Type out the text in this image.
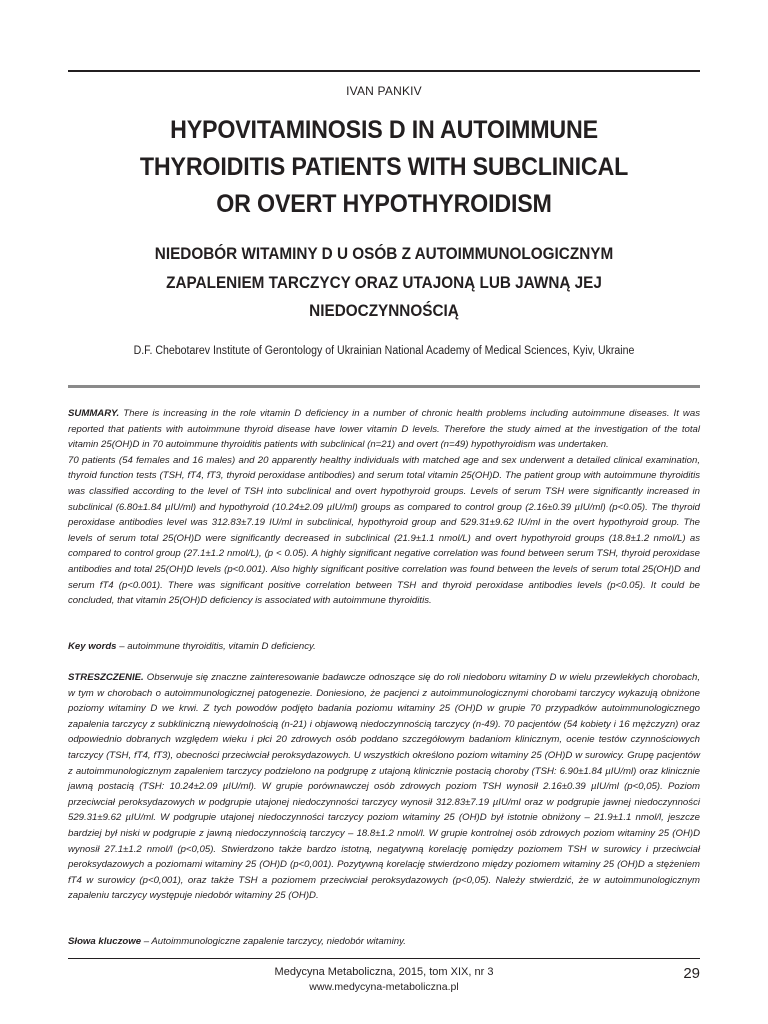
IVAN PANKIV
HYPOVITAMINOSIS D IN AUTOIMMUNE
THYROIDITIS PATIENTS WITH SUBCLINICAL
OR OVERT HYPOTHYROIDISM
NIEDOBÓR WITAMINY D U OSÓB Z AUTOIMMUNOLOGICZNYM
ZAPALENIEM TARCZYCY ORAZ UTAJONĄ LUB JAWNĄ JEJ
NIEDOCZYNNOŚCIĄ
D.F. Chebotarev Institute of Gerontology of Ukrainian National Academy of Medical Sciences, Kyiv, Ukraine

SUMMARY. There is increasing in the role vitamin D deficiency in a number of chronic health problems including autoimmune diseases. It was reported that patients with autoimmune thyroid disease have lower vitamin D levels. Therefore the study aimed at the investigation of the total vitamin 25(OH)D in 70 autoimmune thyroiditis patients with subclinical (n=21) and overt (n=49) hypothyroidism was undertaken.

70 patients (54 females and 16 males) and 20 apparently healthy individuals with matched age and sex underwent a detailed clinical examination, thyroid function tests (TSH, fT4, fT3, thyroid peroxidase antibodies) and serum total vitamin 25(OH)D. The patient group with autoimmune thyroiditis was classified according to the level of TSH into subclinical and overt hypothyroid groups. Levels of serum TSH were significantly increased in subclinical (6.80±1.84 µIU/ml) and hypothyroid (10.24±2.09 µIU/ml) groups as compared to control group (2.16±0.39 µIU/ml) (p<0.05). The thyroid peroxidase antibodies level was 312.83±7.19 IU/ml in subclinical, hypothyroid group and 529.31±9.62 IU/ml in the overt hypothyroid group. The levels of serum total 25(OH)D were significantly decreased in subclinical (21.9±1.1 nmol/L) and overt hypothyroid groups (18.8±1.2 nmol/L) as compared to control group (27.1±1.2 nmol/L), (p < 0.05). A highly significant negative correlation was found between serum TSH, thyroid peroxidase antibodies and total 25(OH)D levels (p<0.001). Also highly significant positive correlation was found between the levels of serum total 25(OH)D and serum fT4 (p<0.001). There was significant positive correlation between TSH and thyroid peroxidase antibodies levels (p<0.05). It could be concluded, that vitamin 25(OH)D deficiency is associated with autoimmune thyroiditis.

Key words – autoimmune thyroiditis, vitamin D deficiency.

STRESZCZENIE. Obserwuje się znaczne zainteresowanie badawcze odnoszące się do roli niedoboru witaminy D w wielu przewlekłych chorobach, w tym w chorobach o autoimmunologicznej patogenezie. Doniesiono, że pacjenci z autoimmunologicznymi chorobami tarczycy wykazują obniżone poziomy witaminy D we krwi. Z tych powodów podjęto badania poziomu witaminy 25 (OH)D w grupie 70 przypadków autoimmunologicznego zapalenia tarczycy z subkliniczną niewydolnością (n-21) i objawową niedoczynnością tarczycy (n-49). 70 pacjentów (54 kobiety i 16 mężczyzn) oraz odpowiednio dobranych względem wieku i płci 20 zdrowych osób poddano szczegółowym badaniom klinicznym, ocenie testów czynnościowych tarczycy (TSH, fT4, fT3), obecności przeciwciał peroksydazowych. U wszystkich określono poziom witaminy 25 (OH)D w surowicy. Grupę pacjentów z autoimmunologicznym zapaleniem tarczycy podzielono na podgrupę z utajoną klinicznie postacią choroby (TSH: 6.90±1.84 µIU/ml) oraz klinicznie jawną postacią (TSH: 10.24±2.09 µIU/ml). W grupie porównawczej osób zdrowych poziom TSH wynosił 2.16±0.39 µIU/ml (p<0,05). Poziom przeciwciał peroksydazowych w podgrupie utajonej niedoczynności tarczycy wynosił 312.83±7.19 µIU/ml oraz w podgrupie jawnej niedoczynności 529.31±9.62 µIU/ml. W podgrupie utajonej niedoczynności tarczycy poziom witaminy 25 (OH)D był istotnie obniżony – 21.9±1.1 nmol/l, jeszcze bardziej był niski w podgrupie z jawną niedoczynnością tarczycy – 18.8±1.2 nmol/l. W grupie kontrolnej osób zdrowych poziom witaminy 25 (OH)D wynosił 27.1±1.2 nmol/l (p<0,05). Stwierdzono także bardzo istotną, negatywną korelację pomiędzy poziomem TSH w surowicy i przeciwciał peroksydazowych a poziomami witaminy 25 (OH)D (p<0,001). Pozytywną korelację stwierdzono między poziomem witaminy 25 (OH)D a stężeniem fT4 w surowicy (p<0,001), oraz także TSH a poziomem przeciwciał peroksydazowych (p<0,05). Należy stwierdzić, że w autoimmunologicznym zapaleniu tarczycy występuje niedobór witaminy 25 (OH)D.

Słowa kluczowe – Autoimmunologiczne zapalenie tarczycy, niedobór witaminy.

Medycyna Metaboliczna, 2015, tom XIX, nr 3
www.medycyna-metaboliczna.pl
29
